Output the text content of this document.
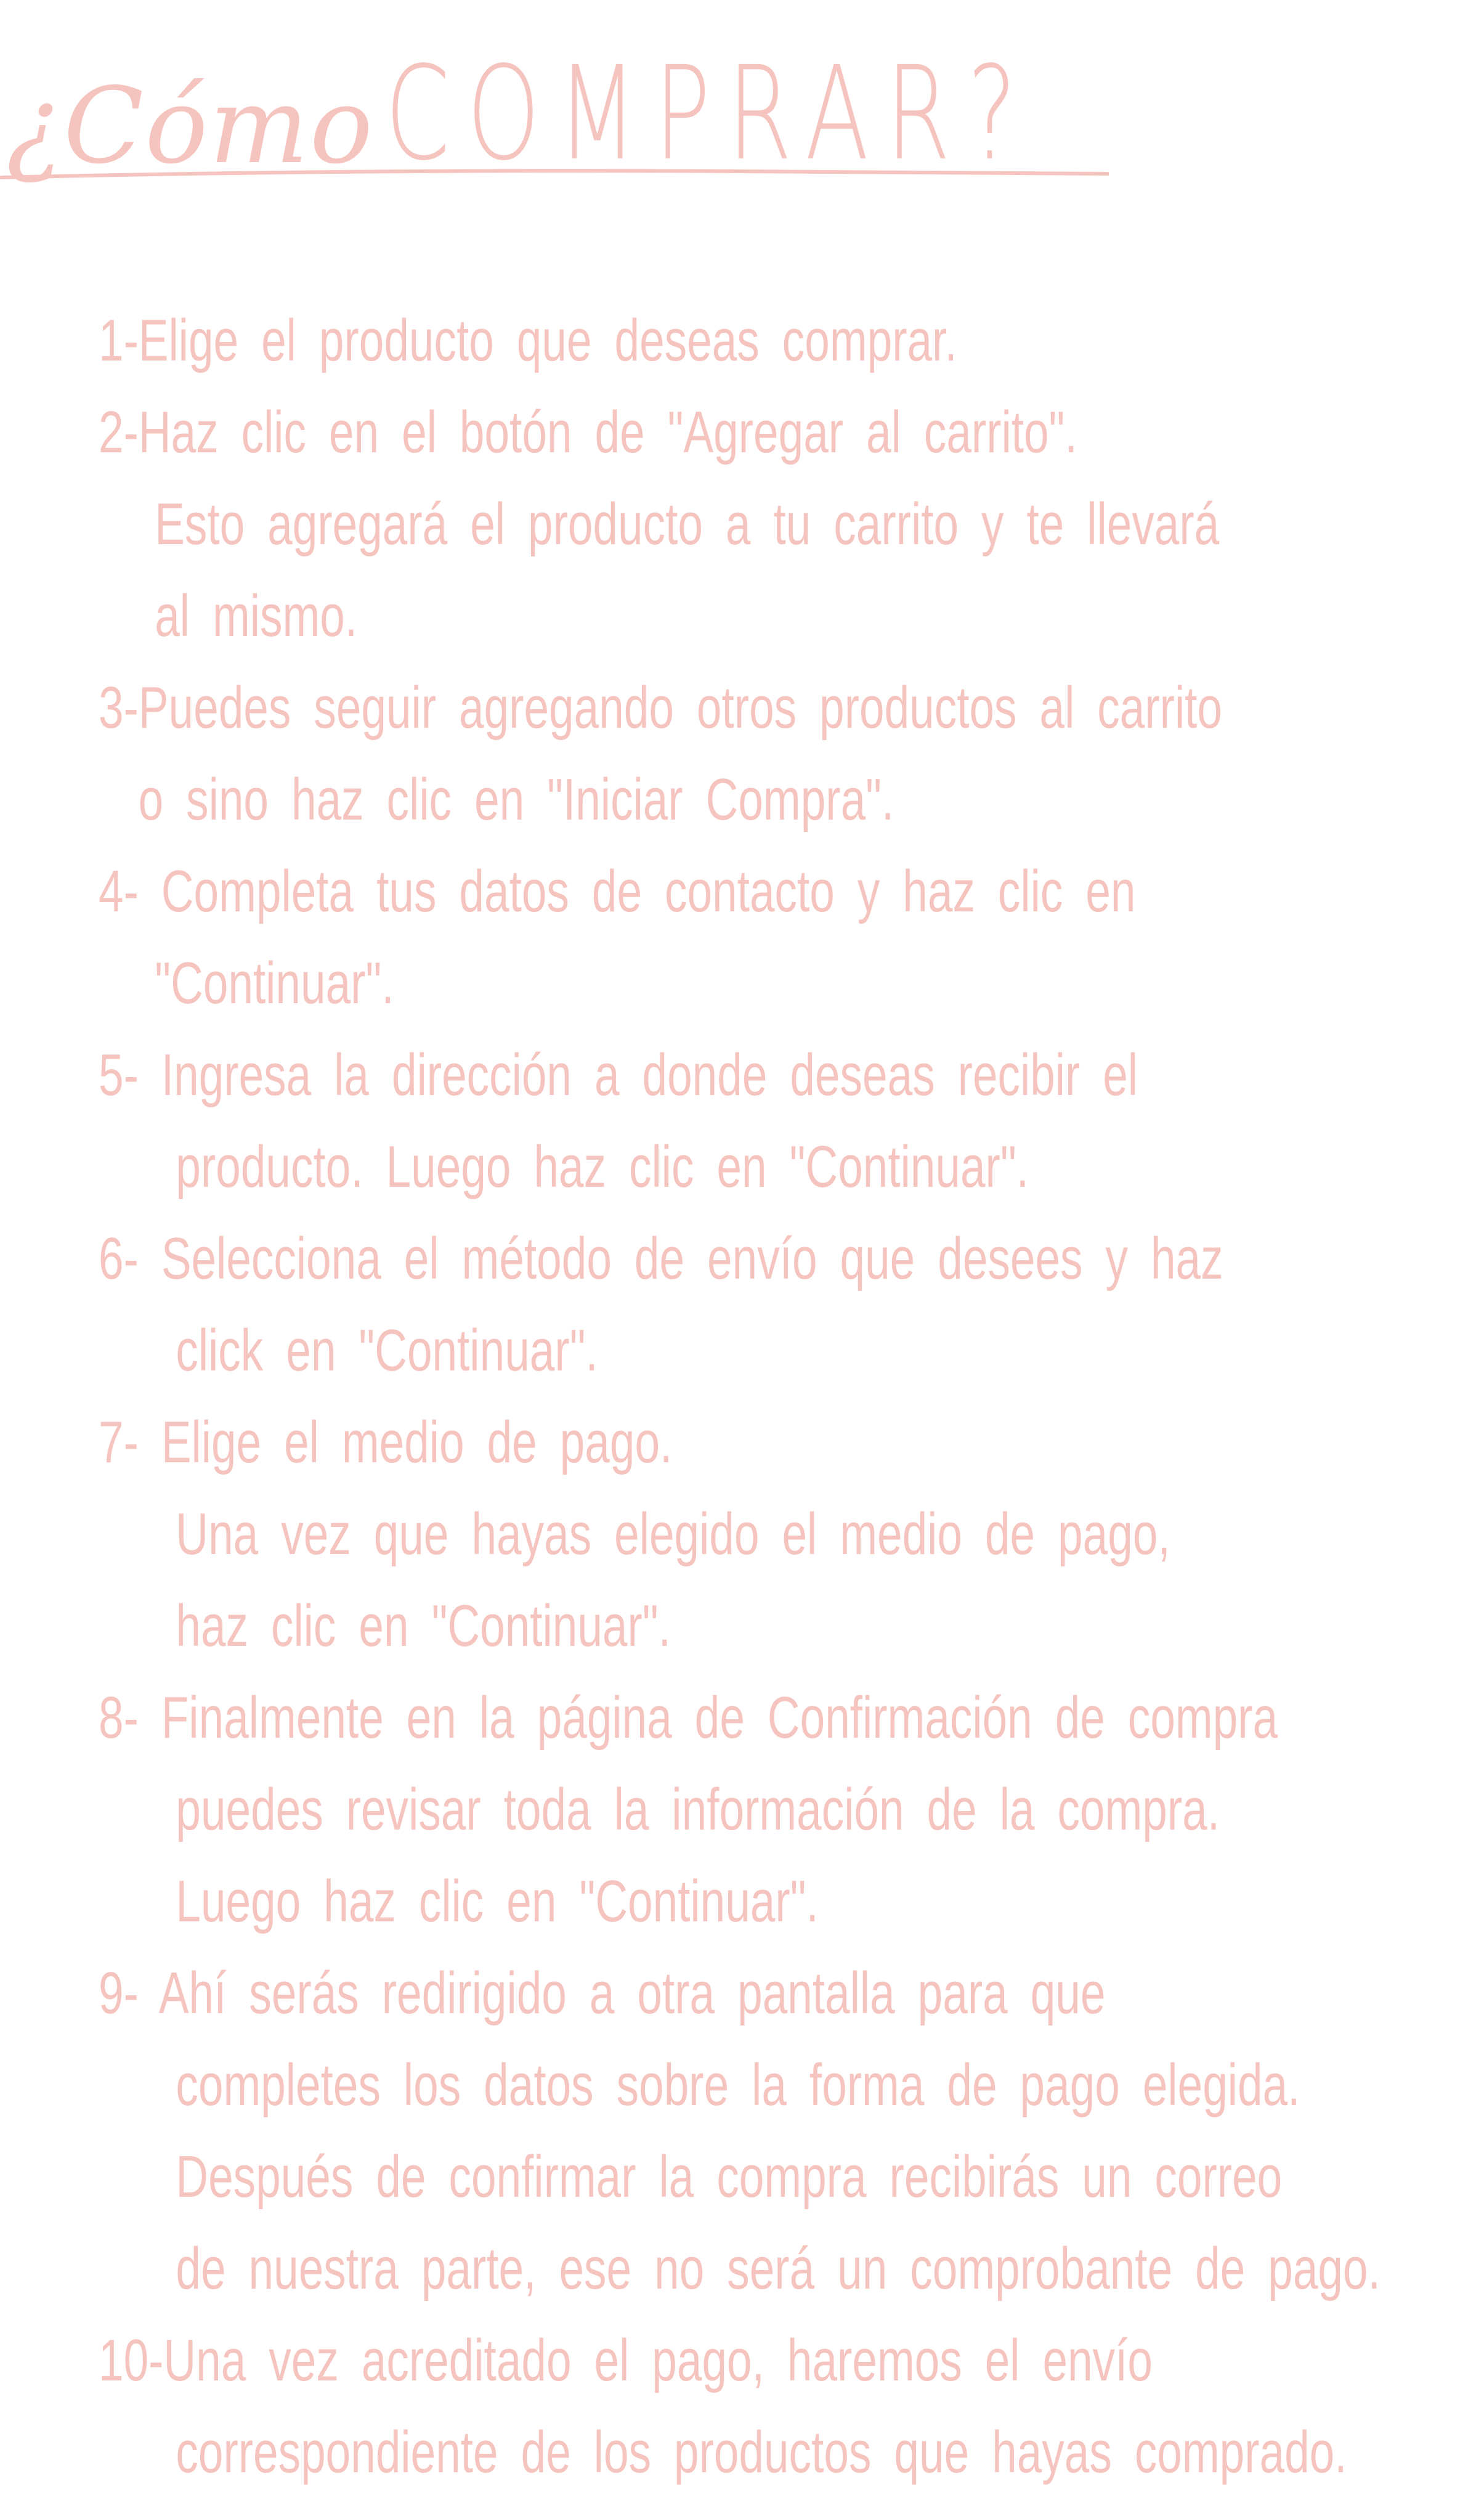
¿Cómo COMPRAR?
1-Elige el producto que deseas comprar.
2-Haz clic en el botón de "Agregar al carrito".
Esto agregará el producto a tu carrito y te llevará
al mismo.
3-Puedes seguir agregando otros productos al carrito
o sino haz clic en "Iniciar Compra".
4- Completa tus datos de contacto y haz clic en
"Continuar".
5- Ingresa la dirección a donde deseas recibir el
producto. Luego haz clic en "Continuar".
6- Selecciona el método de envío que desees y haz
click en "Continuar".
7- Elige el medio de pago.
Una vez que hayas elegido el medio de pago,
haz clic en "Continuar".
8- Finalmente en la página de Confirmación de compra
puedes revisar toda la información de la compra.
Luego haz clic en "Continuar".
9- Ahí serás redirigido a otra pantalla para que
completes los datos sobre la forma de pago elegida.
Después de confirmar la compra recibirás un correo
de nuestra parte, ese no será un comprobante de pago.
10-Una vez acreditado el pago, haremos el envío
correspondiente de los productos que hayas comprado.
